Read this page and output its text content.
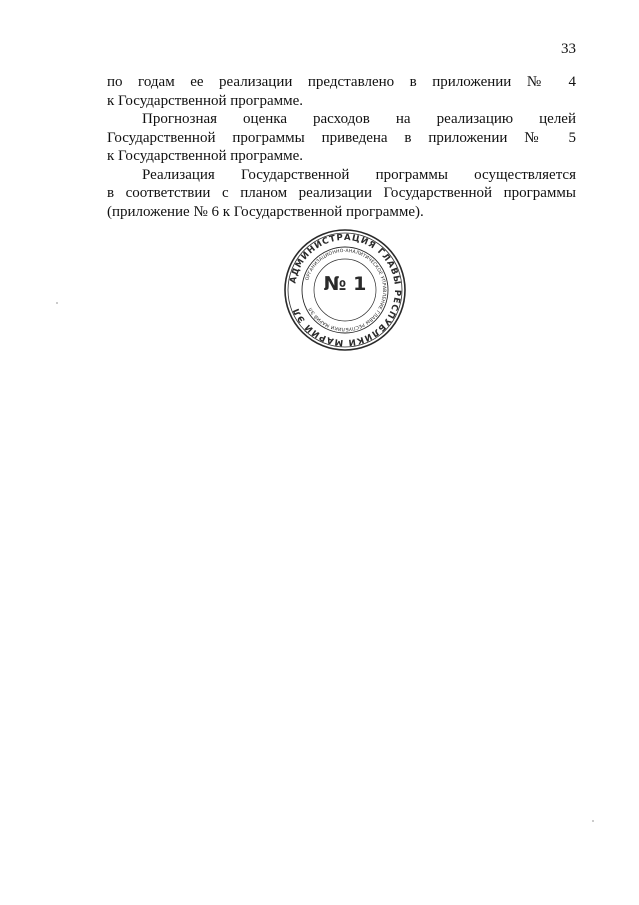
33

по годам ее реализации представлено в приложении № 4
к Государственной программе.

Прогнозная оценка расходов на реализацию целей
Государственной программы приведена в приложении № 5
к Государственной программе.

Реализация Государственной программы осуществляется
в соответствии с планом реализации Государственной программы
(приложение № 6 к Государственной программе).

АДМИНИСТРАЦИЯ ГЛАВЫ РЕСПУБЛИКИ МАРИЙ ЭЛ
ОРГАНИЗАЦИОННО-АНАЛИТИЧЕСКОЕ УПРАВЛЕНИЕ ГЛАВЫ РЕСПУБЛИКИ МАРИЙ ЭЛ
№ 1
